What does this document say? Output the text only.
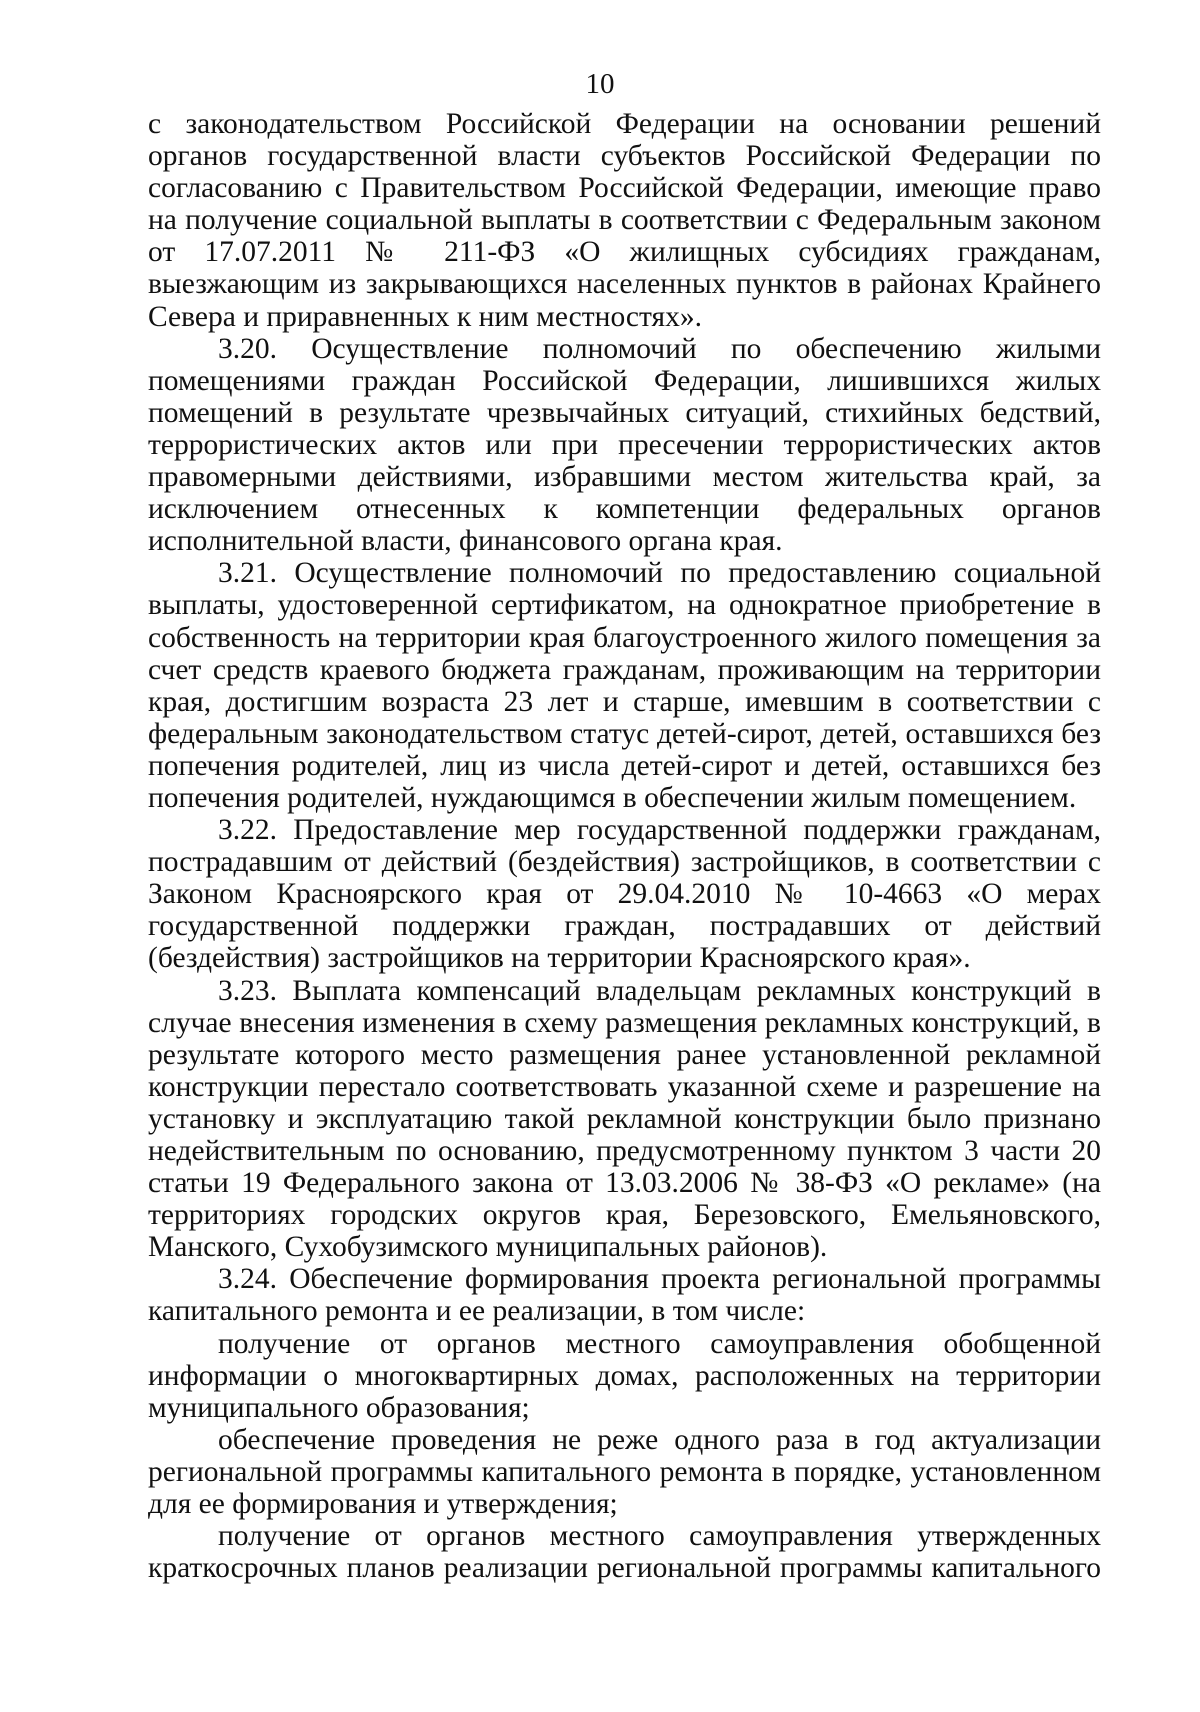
10

с законодательством Российской Федерации на основании решений органов государственной власти субъектов Российской Федерации по согласованию с Правительством Российской Федерации, имеющие право на получение социальной выплаты в соответствии с Федеральным законом от 17.07.2011 № 211-ФЗ «О жилищных субсидиях гражданам, выезжающим из закрывающихся населенных пунктов в районах Крайнего Севера и приравненных к ним местностях».

3.20. Осуществление полномочий по обеспечению жилыми помещениями граждан Российской Федерации, лишившихся жилых помещений в результате чрезвычайных ситуаций, стихийных бедствий, террористических актов или при пресечении террористических актов правомерными действиями, избравшими местом жительства край, за исключением отнесенных к компетенции федеральных органов исполнительной власти, финансового органа края.

3.21. Осуществление полномочий по предоставлению социальной выплаты, удостоверенной сертификатом, на однократное приобретение в собственность на территории края благоустроенного жилого помещения за счет средств краевого бюджета гражданам, проживающим на территории края, достигшим возраста 23 лет и старше, имевшим в соответствии с федеральным законодательством статус детей-сирот, детей, оставшихся без попечения родителей, лиц из числа детей-сирот и детей, оставшихся без попечения родителей, нуждающимся в обеспечении жилым помещением.

3.22. Предоставление мер государственной поддержки гражданам, пострадавшим от действий (бездействия) застройщиков, в соответствии с Законом Красноярского края от 29.04.2010 № 10-4663 «О мерах государственной поддержки граждан, пострадавших от действий (бездействия) застройщиков на территории Красноярского края».

3.23. Выплата компенсаций владельцам рекламных конструкций в случае внесения изменения в схему размещения рекламных конструкций, в результате которого место размещения ранее установленной рекламной конструкции перестало соответствовать указанной схеме и разрешение на установку и эксплуатацию такой рекламной конструкции было признано недействительным по основанию, предусмотренному пунктом 3 части 20 статьи 19 Федерального закона от 13.03.2006 № 38-ФЗ «О рекламе» (на территориях городских округов края, Березовского, Емельяновского, Манского, Сухобузимского муниципальных районов).

3.24. Обеспечение формирования проекта региональной программы капитального ремонта и ее реализации, в том числе:

получение от органов местного самоуправления обобщенной информации о многоквартирных домах, расположенных на территории муниципального образования;

обеспечение проведения не реже одного раза в год актуализации региональной программы капитального ремонта в порядке, установленном для ее формирования и утверждения;

получение от органов местного самоуправления утвержденных краткосрочных планов реализации региональной программы капитального
